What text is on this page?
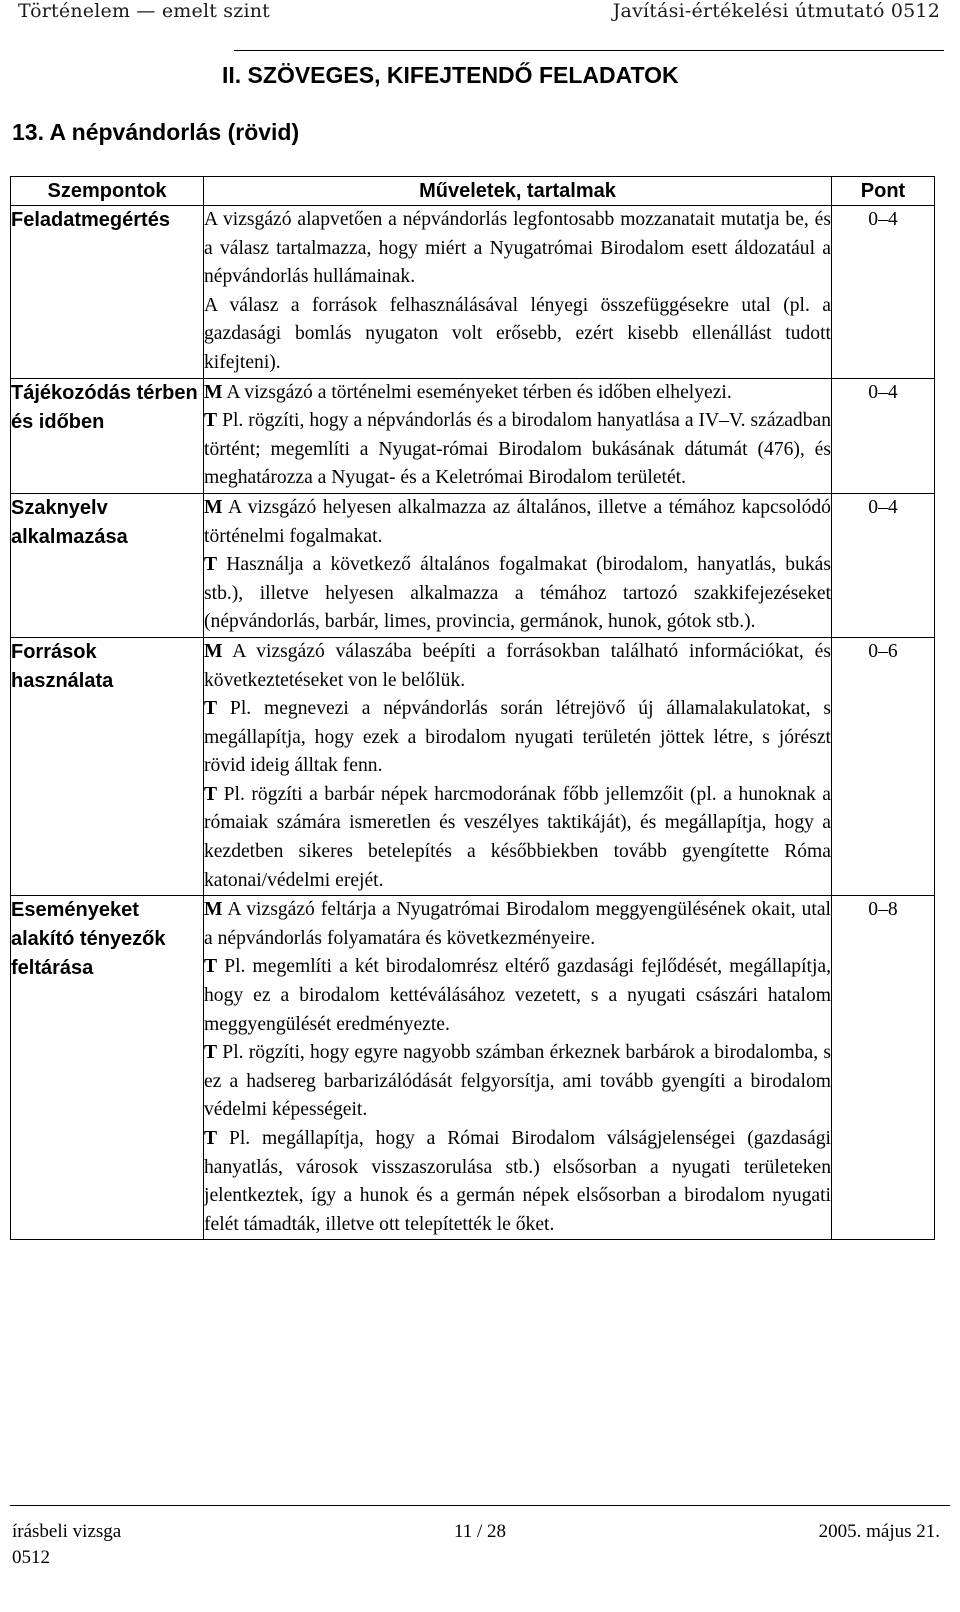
Történelem — emelt szint	Javítási-értékelési útmutató 0512
II. SZÖVEGES, KIFEJTENDŐ FELADATOK
13. A népvándorlás (rövid)
Szempontok	Műveletek, tartalmak	Pont
Feladatmegértés	A vizsgázó alapvetően a népvándorlás legfontosabb mozzanatait mutatja be, és a válasz tartalmazza, hogy miért a Nyugatrómai Birodalom esett áldozatául a népvándorlás hullámainak.

A válasz a források felhasználásával lényegi összefüggésekre utal (pl. a gazdasági bomlás nyugaton volt erősebb, ezért kisebb ellenállást tudott kifejteni).	0–4
Tájékozódás térben és időben	M A vizsgázó a történelmi eseményeket térben és időben elhelyezi.

T Pl. rögzíti, hogy a népvándorlás és a birodalom hanyatlása a IV–V. században történt; megemlíti a Nyugat-római Birodalom bukásának dátumát (476), és meghatározza a Nyugat- és a Keletrómai Birodalom területét.	0–4
Szaknyelv alkalmazása	M A vizsgázó helyesen alkalmazza az általános, illetve a témához kapcsolódó történelmi fogalmakat.

T Használja a következő általános fogalmakat (birodalom, hanyatlás, bukás stb.), illetve helyesen alkalmazza a témához tartozó szakkifejezéseket (népvándorlás, barbár, limes, provincia, germánok, hunok, gótok stb.).	0–4
Források használata	M A vizsgázó válaszába beépíti a forrásokban található információkat, és következtetéseket von le belőlük.

T Pl. megnevezi a népvándorlás során létrejövő új államalakulatokat, s megállapítja, hogy ezek a birodalom nyugati területén jöttek létre, s jórészt rövid ideig álltak fenn.

T Pl. rögzíti a barbár népek harcmodorának főbb jellemzőit (pl. a hunoknak a rómaiak számára ismeretlen és veszélyes taktikáját), és megállapítja, hogy a kezdetben sikeres betelepítés a későbbiekben tovább gyengítette Róma katonai/védelmi erejét.	0–6
Eseményeket alakító tényezők feltárása	M A vizsgázó feltárja a Nyugatrómai Birodalom meggyengülésének okait, utal a népvándorlás folyamatára és következményeire.

T Pl. megemlíti a két birodalomrész eltérő gazdasági fejlődését, megállapítja, hogy ez a birodalom kettéválásához vezetett, s a nyugati császári hatalom meggyengülését eredményezte.

T Pl. rögzíti, hogy egyre nagyobb számban érkeznek barbárok a birodalomba, s ez a hadsereg barbarizálódását felgyorsítja, ami tovább gyengíti a birodalom védelmi képességeit.

T Pl. megállapítja, hogy a Római Birodalom válságjelenségei (gazdasági hanyatlás, városok visszaszorulása stb.) elsősorban a nyugati területeken jelentkeztek, így a hunok és a germán népek elsősorban a birodalom nyugati felét támadták, illetve ott telepítették le őket.	0–8
írásbeli vizsga	11 / 28	2005. május 21.
0512
